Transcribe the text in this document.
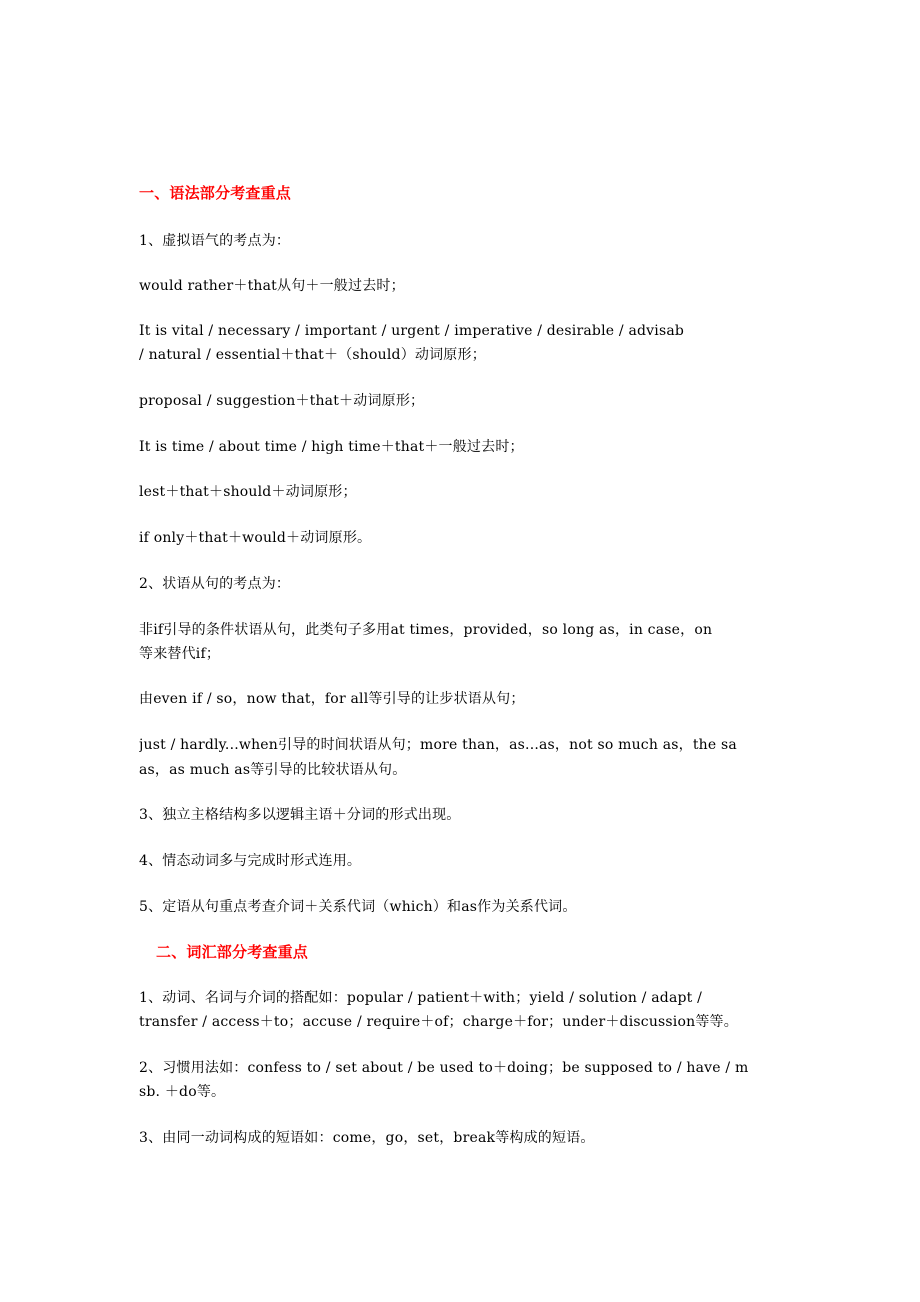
一、语法部分考查重点
1、虚拟语气的考点为：
would rather＋that从句＋一般过去时；
It is vital / necessary / important / urgent / imperative / desirable / advisab
/ natural / essential＋that＋（should）动词原形；
proposal / suggestion＋that＋动词原形；
It is time / about time / high time＋that＋一般过去时；
lest＋that＋should＋动词原形；
if only＋that＋would＋动词原形。
2、状语从句的考点为：
非if引导的条件状语从句，此类句子多用at times，provided，so long as，in case，on
等来替代if；
由even if / so，now that，for all等引导的让步状语从句；
just / hardly...when引导的时间状语从句；more than，as...as，not so much as，the sa
as，as much as等引导的比较状语从句。
3、独立主格结构多以逻辑主语＋分词的形式出现。
4、情态动词多与完成时形式连用。
5、定语从句重点考查介词＋关系代词（which）和as作为关系代词。
二、词汇部分考查重点
1、动词、名词与介词的搭配如：popular / patient＋with；yield / solution / adapt /
transfer / access＋to；accuse / require＋of；charge＋for；under＋discussion等等。
2、习惯用法如：confess to / set about / be used to＋doing；be supposed to / have / m
sb. ＋do等。
3、由同一动词构成的短语如：come，go，set，break等构成的短语。
